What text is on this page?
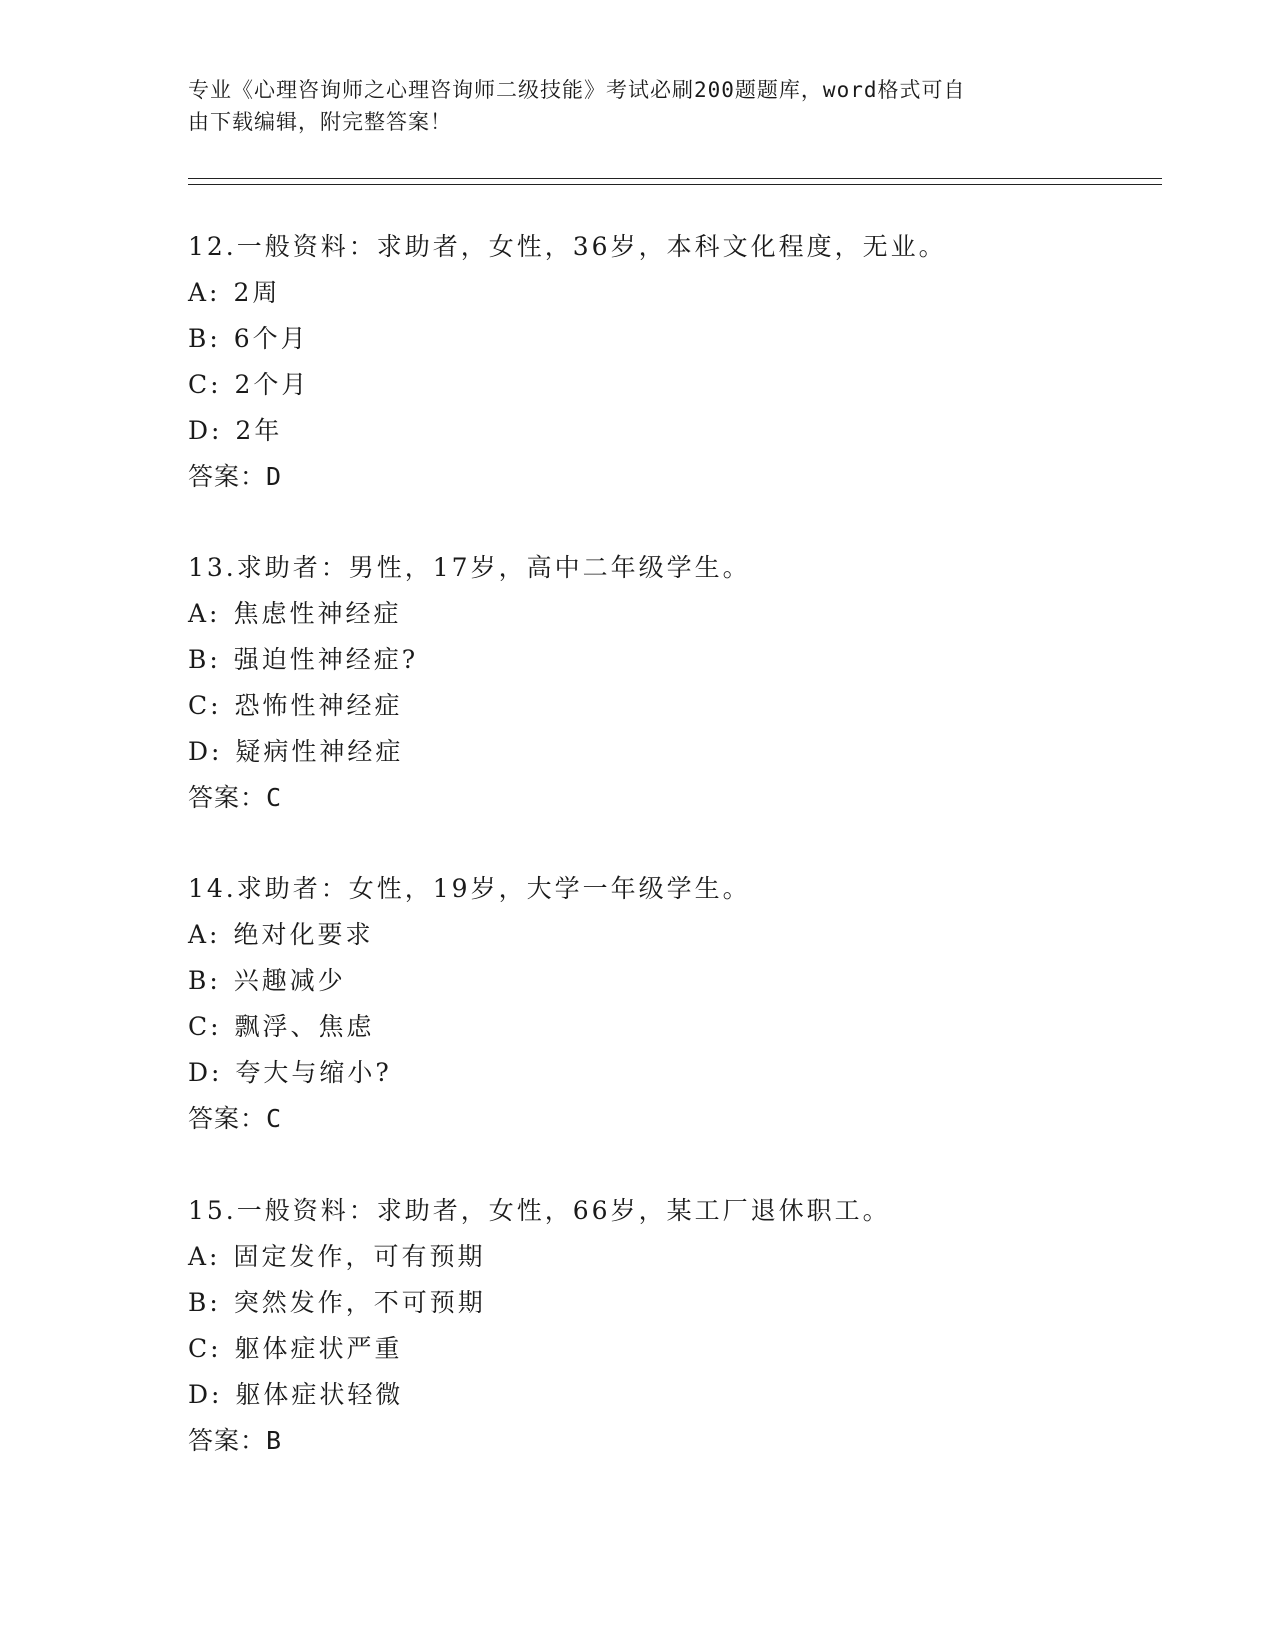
专业《心理咨询师之心理咨询师二级技能》考试必刷200题题库，word格式可自
由下载编辑，附完整答案！
12.一般资料：求助者，女性，36岁，本科文化程度，无业。
A: 2周
B: 6个月
C: 2个月
D: 2年
答案：D
13.求助者：男性，17岁，高中二年级学生。
A: 焦虑性神经症
B: 强迫性神经症?
C: 恐怖性神经症
D: 疑病性神经症
答案：C
14.求助者：女性，19岁，大学一年级学生。
A: 绝对化要求
B: 兴趣减少
C: 飘浮、焦虑
D: 夸大与缩小?
答案：C
15.一般资料：求助者，女性，66岁，某工厂退休职工。
A: 固定发作，可有预期
B: 突然发作，不可预期
C: 躯体症状严重
D: 躯体症状轻微
答案：B
